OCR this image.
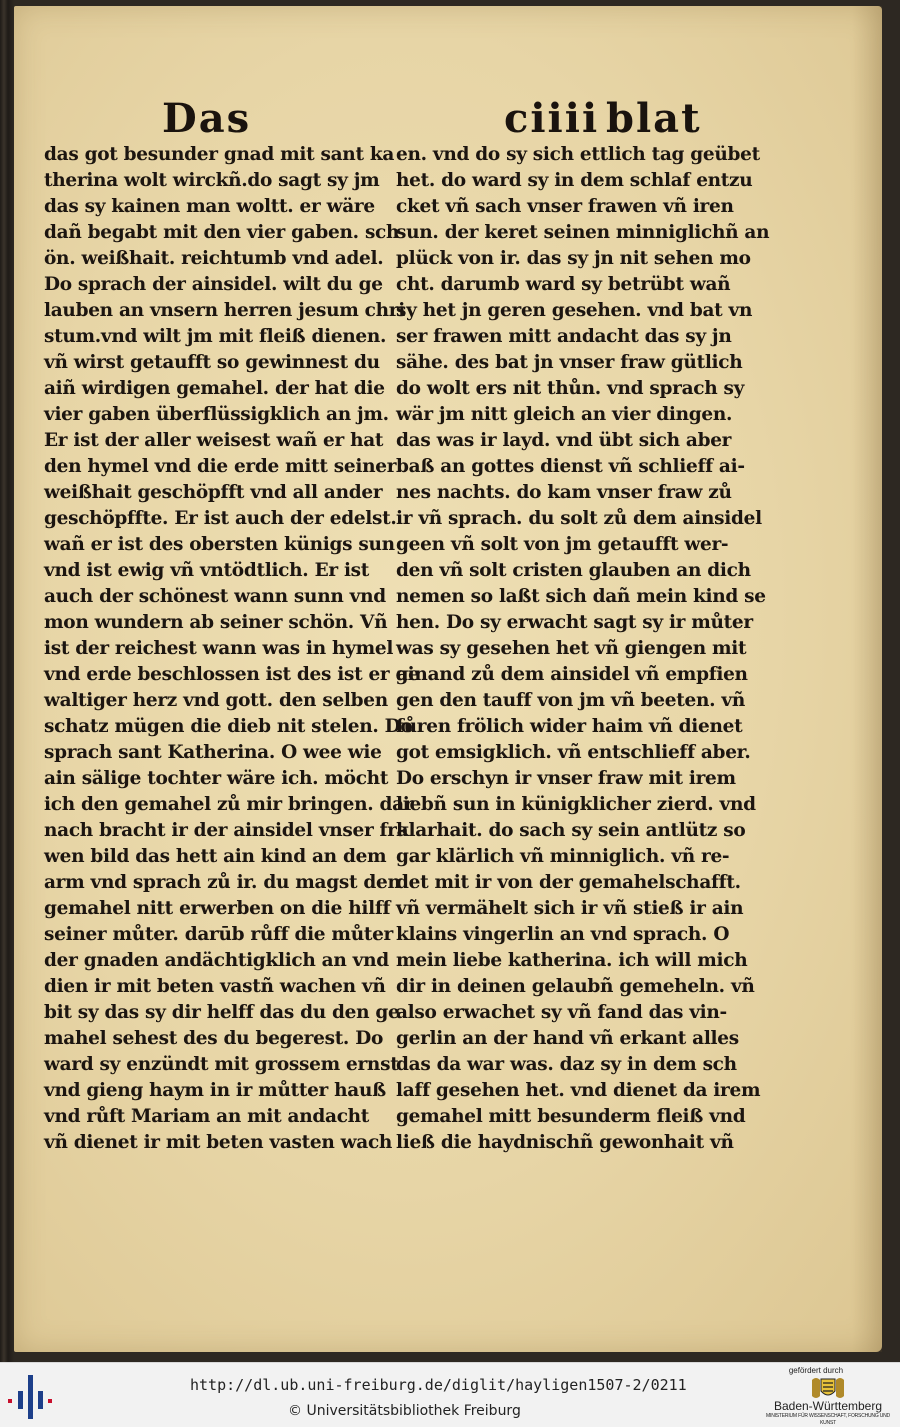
Das	ciiii blat
das got besunder gnad mit sant ka
therina wolt wirckñ.do sagt sy jm
das sy kainen man woltt. er wäre
dañ begabt mit den vier gaben. sch
ön. weißhait. reichtumb vnd adel.
Do sprach der ainsidel. wilt du ge
lauben an vnsern herren jesum chri
stum.vnd wilt jm mit fleiß dienen.
vñ wirst getaufft so gewinnest du
aiñ wirdigen gemahel. der hat die
vier gaben überflüssigklich an jm.
Er ist der aller weisest wañ er hat
den hymel vnd die erde mitt seiner
weißhait geschöpfft vnd all ander
geschöpffte. Er ist auch der edelst.
wañ er ist des obersten künigs sun
vnd ist ewig vñ vntödtlich. Er ist
auch der schönest wann sunn vnd
mon wundern ab seiner schön. Vñ
ist der reichest wann was in hymel
vnd erde beschlossen ist des ist er ge
waltiger herz vnd gott. den selben
schatz mügen die dieb nit stelen. Do
sprach sant Katherina. O wee wie
ain sälige tochter wäre ich. möcht
ich den gemahel zů mir bringen. dar
nach bracht ir der ainsidel vnser fra
wen bild das hett ain kind an dem
arm vnd sprach zů ir. du magst den
gemahel nitt erwerben on die hilff
seiner můter. darūb růff die můter
der gnaden andächtigklich an vnd
dien ir mit beten vastñ wachen vñ
bit sy das sy dir helff das du den ge
mahel sehest des du begerest. Do
ward sy enzündt mit grossem ernst
vnd gieng haym in ir můtter hauß
vnd růft Mariam an mit andacht
vñ dienet ir mit beten vasten wach
en. vnd do sy sich ettlich tag geübet
het. do ward sy in dem schlaf entzu
cket vñ sach vnser frawen vñ iren
sun. der keret seinen minniglichñ an
plück von ir. das sy jn nit sehen mo
cht. darumb ward sy betrübt wañ
sy het jn geren gesehen. vnd bat vn
ser frawen mitt andacht das sy jn
sähe. des bat jn vnser fraw gütlich
do wolt ers nit thůn. vnd sprach sy
wär jm nitt gleich an vier dingen.
das was ir layd. vnd übt sich aber
baß an gottes dienst vñ schlieff ai-
nes nachts. do kam vnser fraw zů
ir vñ sprach. du solt zů dem ainsidel
geen vñ solt von jm getaufft wer-
den vñ solt cristen glauben an dich
nemen so laßt sich dañ mein kind se
hen. Do sy erwacht sagt sy ir můter
was sy gesehen het vñ giengen mit
ainand zů dem ainsidel vñ empfien
gen den tauff von jm vñ beeten. vñ
fůren frölich wider haim vñ dienet
got emsigklich. vñ entschlieff aber.
Do erschyn ir vnser fraw mit irem
liebñ sun in künigklicher zierd. vnd
klarhait. do sach sy sein antlütz so
gar klärlich vñ minniglich. vñ re-
det mit ir von der gemahelschafft.
vñ vermähelt sich ir vñ stieß ir ain
klains vingerlin an vnd sprach. O
mein liebe katherina. ich will mich
dir in deinen gelaubñ gemeheln. vñ
also erwachet sy vñ fand das vin-
gerlin an der hand vñ erkant alles
das da war was. daz sy in dem sch
laff gesehen het. vnd dienet da irem
gemahel mitt besunderm fleiß vnd
ließ die haydnischñ gewonhait vñ
http://dl.ub.uni-freiburg.de/diglit/hayligen1507-2/0211
© Universitätsbibliothek Freiburg
gefördert durch
Baden-Württemberg
MINISTERIUM FÜR WISSENSCHAFT, FORSCHUNG UND KUNST
